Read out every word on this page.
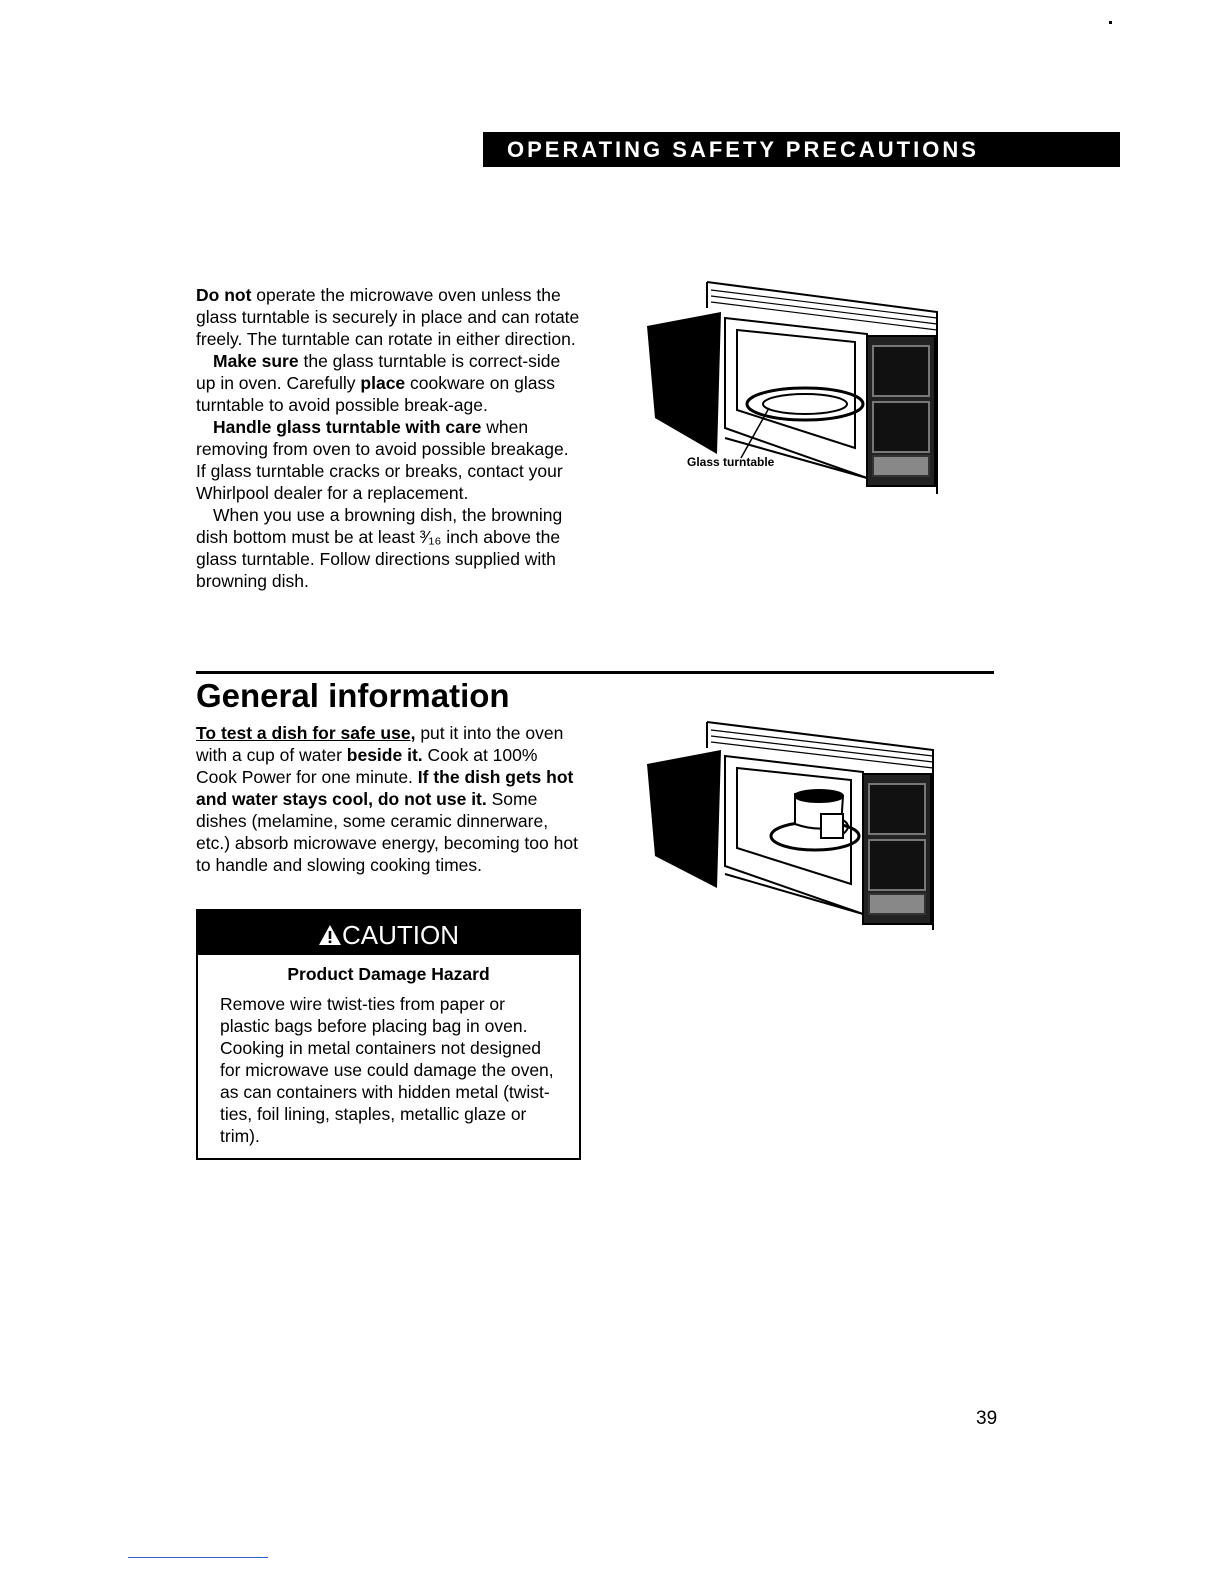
OPERATING SAFETY PRECAUTIONS

Do not operate the microwave oven unless the glass turntable is securely in place and can rotate freely. The turntable can rotate in either direction.

Make sure the glass turntable is correct-side up in oven. Carefully place cookware on glass turntable to avoid possible break-age.

Handle glass turntable with care when removing from oven to avoid possible breakage. If glass turntable cracks or breaks, contact your Whirlpool dealer for a replacement.

When you use a browning dish, the browning dish bottom must be at least ³⁄₁₆ inch above the glass turntable. Follow directions supplied with browning dish.

Glass turntable
General information

To test a dish for safe use, put it into the oven with a cup of water beside it. Cook at 100% Cook Power for one minute. If the dish gets hot and water stays cool, do not use it. Some dishes (melamine, some ceramic dinnerware, etc.) absorb microwave energy, becoming too hot to handle and slowing cooking times.

CAUTION
Product Damage Hazard
Remove wire twist-ties from paper or plastic bags before placing bag in oven. Cooking in metal containers not designed for microwave use could damage the oven, as can containers with hidden metal (twist-ties, foil lining, staples, metallic glaze or trim).
39
